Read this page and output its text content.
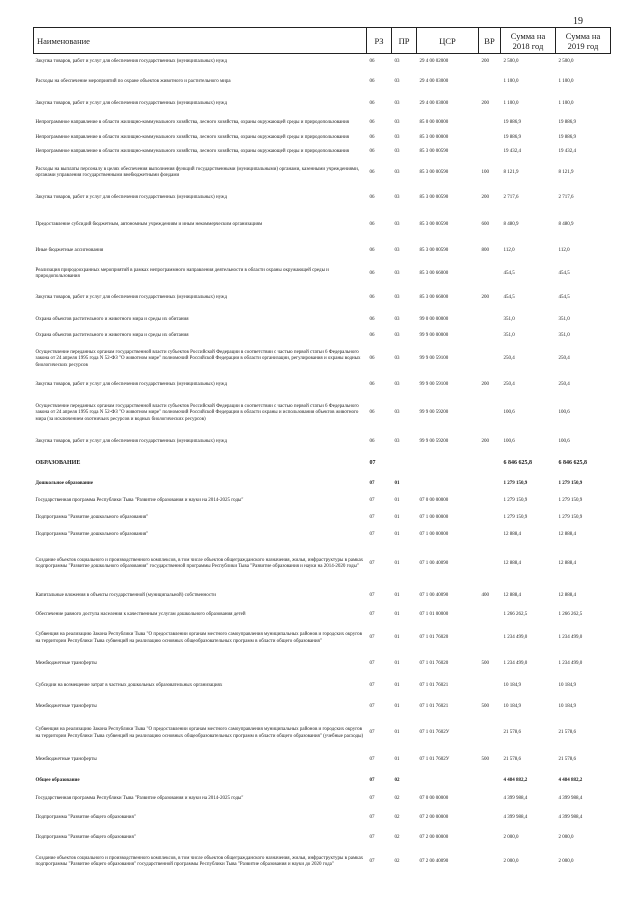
19
Наименование	РЗ	ПР	ЦСР	ВР	Сумма на 2018 год	Сумма на 2019 год
Закупка товаров, работ и услуг для обеспечения государственных (муниципальных) нужд	06	03	29 4 00 02000	200	2 500,0	2 500,0
Расходы на обеспечение мероприятий по охране объектов животного и растительного мира	06	03	29 4 00 03000		1 100,0	1 100,0
Закупка товаров, работ и услуг для обеспечения государственных (муниципальных) нужд	06	03	29 4 00 03000	200	1 100,0	1 100,0
Непрограммное направление в области жилищно-коммунального хозяйства, лесного хозяйства, охраны окружающей среды и природопользования	06	03	85 0 00 00000		19 886,9	19 886,9
Непрограммное направление в области жилищно-коммунального хозяйства, лесного хозяйства, охраны окружающей среды и природопользования	06	03	85 3 00 00000		19 886,9	19 886,9
Непрограммное направление в области жилищно-коммунального хозяйства, лесного хозяйства, охраны окружающей среды и природопользования	06	03	85 3 00 00590		19 432,4	19 432,4
Расходы на выплаты персоналу в целях обеспечения выполнения функций государственными (муниципальными) органами, казенными учреждениями, органами управления государственными внебюджетными фондами	06	03	85 3 00 00590	100	8 121,9	8 121,9
Закупка товаров, работ и услуг для обеспечения государственных (муниципальных) нужд	06	03	85 3 00 00590	200	2 717,6	2 717,6
Предоставление субсидий бюджетным, автономным учреждениям и иным некоммерческим организациям	06	03	85 3 00 00590	600	8 480,9	8 480,9
Иные бюджетные ассигнования	06	03	85 3 00 00590	800	112,0	112,0
Реализация природоохранных мероприятий в рамках непрограммного направления деятельности в области охраны окружающей среды и природопользования	06	03	85 3 00 66000		454,5	454,5
Закупка товаров, работ и услуг для обеспечения государственных (муниципальных) нужд	06	03	85 3 00 66000	200	454,5	454,5
Охрана объектов растительного и животного мира и среды их обитания	06	03	99 0 00 00000		351,0	351,0
Охрана объектов растительного и животного мира и среды их обитания	06	03	99 9 00 00000		351,0	351,0
Осуществление переданных органам государственной власти субъектов Российской Федерации в соответствии с частью первой статьи 6 Федерального закона от 24 апреля 1995 года N 52-ФЗ "О животном мире" полномочий Российской Федерации в области организации, регулирования и охраны водных биологических ресурсов	06	03	99 9 00 59100		250,4	250,4
Закупка товаров, работ и услуг для обеспечения государственных (муниципальных) нужд	06	03	99 9 00 59100	200	250,4	250,4
Осуществление переданных органам государственной власти субъектов Российской Федерации в соответствии с частью первой статьи 6 Федерального закона от 24 апреля 1995 года N 52-ФЗ "О животном мире" полномочий Российской Федерации в области охраны и использования объектов животного мира (за исключением охотничьих ресурсов и водных биологических ресурсов)	06	03	99 9 00 59200		100,6	100,6
Закупка товаров, работ и услуг для обеспечения государственных (муниципальных) нужд	06	03	99 9 00 59200	200	100,6	100,6
ОБРАЗОВАНИЕ	07				6 846 625,8	6 846 625,8
Дошкольное образование	07	01			1 279 150,9	1 279 150,9
Государственная программа Республики Тыва "Развитие образования и науки на 2014-2025 годы"	07	01	07 0 00 00000		1 279 150,9	1 279 150,9
Подпрограмма "Развитие дошкольного образования"	07	01	07 1 00 00000		1 279 150,9	1 279 150,9
Подпрограмма "Развитие дошкольного образования"	07	01	07 1 00 00000		12 888,4	12 888,4
Создание объектов социального и производственного комплексов, в том числе объектов общегражданского назначения, жилья, инфраструктуры в рамках подпрограммы "Развитие дошкольного образования" государственной программы Республики Тыва "Развитие образования и науки на 2014-2020 годы"	07	01	07 1 00 40090		12 888,4	12 888,4
Капитальные вложения в объекты государственной (муниципальной) собственности	07	01	07 1 00 40090	400	12 888,4	12 888,4
Обеспечение равного доступа населения к качественным услугам дошкольного образования детей	07	01	07 1 01 00000		1 266 262,5	1 266 262,5
Субвенция на реализацию Закона Республики Тыва "О предоставлении органам местного самоуправления муниципальных районов и городских округов на территории Республики Тыва субвенций на реализацию основных общеобразовательных программ в области общего образования"	07	01	07 1 01 76020		1 234 499,0	1 234 499,0
Межбюджетные трансферты	07	01	07 1 01 76020	500	1 234 499,0	1 234 499,0
Субсидии на возмещение затрат в частных дошкольных образовательных организациях	07	01	07 1 01 76021		10 184,9	10 184,9
Межбюджетные трансферты	07	01	07 1 01 76021	500	10 184,9	10 184,9
Субвенция на реализацию Закона Республики Тыва "О предоставлении органам местного самоуправления муниципальных районов и городских округов на территории Республики Тыва субвенций на реализацию основных общеобразовательных программ в области общего образования" (учебные расходы)	07	01	07 1 01 7602У		21 578,6	21 578,6
Межбюджетные трансферты	07	01	07 1 01 7602У	500	21 578,6	21 578,6
Общее образование	07	02			4 484 882,2	4 484 882,2
Государственная программа Республики Тыва "Развитие образования и науки на 2014-2025 годы"	07	02	07 0 00 00000		4 399 988,4	4 399 988,4
Подпрограмма "Развитие общего образования"	07	02	07 2 00 00000		4 399 988,4	4 399 988,4
Подпрограмма "Развитие общего образования"	07	02	07 2 00 00000		2 000,0	2 000,0
Создание объектов социального и производственного комплексов, в том числе объектов общегражданского назначения, жилья, инфраструктуры в рамках подпрограммы "Развитие общего образования" государственной программы Республики Тыва "Развитие образования и науки до 2020 года"	07	02	07 2 00 40090		2 000,0	2 000,0
